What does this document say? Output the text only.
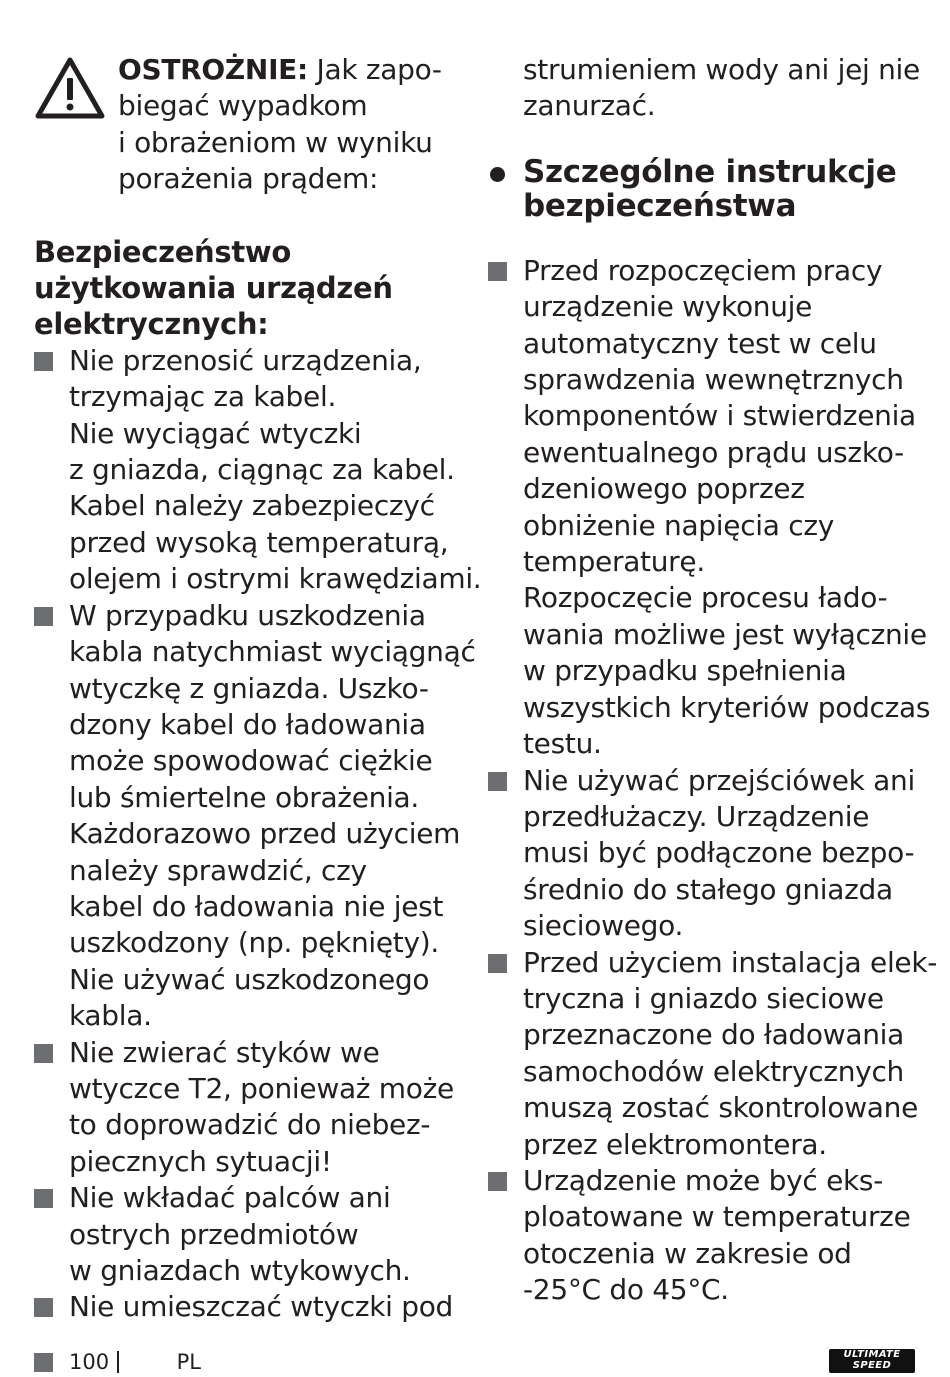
OSTROŻNIE: Jak zapo-
biegać wypadkom
i obrażeniom w wyniku
porażenia prądem:
Bezpieczeństwo
użytkowania urządzeń
elektrycznych:
Nie przenosić urządzenia,
trzymając za kabel.
Nie wyciągać wtyczki
z gniazda, ciągnąc za kabel.
Kabel należy zabezpieczyć
przed wysoką temperaturą,
olejem i ostrymi krawędziami.
W przypadku uszkodzenia
kabla natychmiast wyciągnąć
wtyczkę z gniazda. Uszko-
dzony kabel do ładowania
może spowodować ciężkie
lub śmiertelne obrażenia.
Każdorazowo przed użyciem
należy sprawdzić, czy
kabel do ładowania nie jest
uszkodzony (np. pęknięty).
Nie używać uszkodzonego
kabla.
Nie zwierać styków we
wtyczce T2, ponieważ może
to doprowadzić do niebez-
piecznych sytuacji!
Nie wkładać palców ani
ostrych przedmiotów
w gniazdach wtykowych.
Nie umieszczać wtyczki pod
strumieniem wody ani jej nie
zanurzać.
Szczególne instrukcje
bezpieczeństwa
Przed rozpoczęciem pracy
urządzenie wykonuje
automatyczny test w celu
sprawdzenia wewnętrznych
komponentów i stwierdzenia
ewentualnego prądu uszko-
dzeniowego poprzez
obniżenie napięcia czy
temperaturę.
Rozpoczęcie procesu łado-
wania możliwe jest wyłącznie
w przypadku spełnienia
wszystkich kryteriów podczas
testu.
Nie używać przejściówek ani
przedłużaczy. Urządzenie
musi być podłączone bezpo-
średnio do stałego gniazda
sieciowego.
Przed użyciem instalacja elek-
tryczna i gniazdo sieciowe
przeznaczone do ładowania
samochodów elektrycznych
muszą zostać skontrolowane
przez elektromontera.
Urządzenie może być eks-
ploatowane w temperaturze
otoczenia w zakresie od
-25°C do 45°C.
100	PL	ULTIMATE
SPEED
